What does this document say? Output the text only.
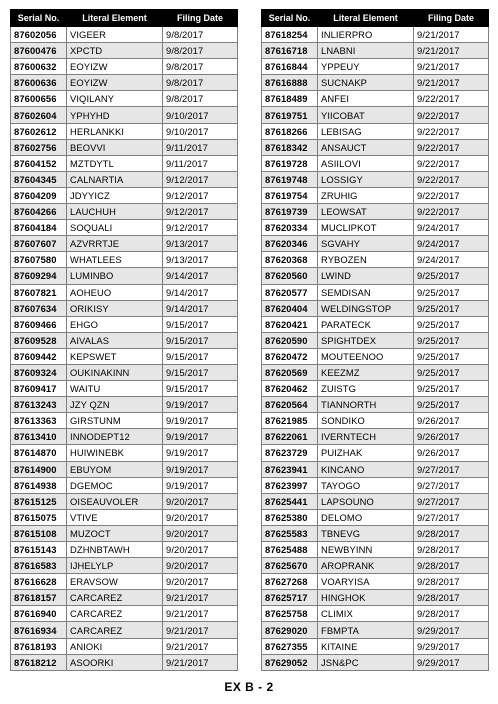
Serial No.	Literal Element	Filing Date
87602056	VIGEER	9/8/2017
87600476	XPCTD	9/8/2017
87600632	EOYIZW	9/8/2017
87600636	EOYIZW	9/8/2017
87600656	VIQILANY	9/8/2017
87602604	YPHYHD	9/10/2017
87602612	HERLANKKI	9/10/2017
87602756	BEOVVI	9/11/2017
87604152	MZTDYTL	9/11/2017
87604345	CALNARTIA	9/12/2017
87604209	JDYYICZ	9/12/2017
87604266	LAUCHUH	9/12/2017
87604184	SOQUALI	9/12/2017
87607607	AZVRRTJE	9/13/2017
87607580	WHATLEES	9/13/2017
87609294	LUMINBO	9/14/2017
87607821	AOHEUO	9/14/2017
87607634	ORIKISY	9/14/2017
87609466	EHGO	9/15/2017
87609528	AIVALAS	9/15/2017
87609442	KEPSWET	9/15/2017
87609324	OUKINAKINN	9/15/2017
87609417	WAITU	9/15/2017
87613243	JZY QZN	9/19/2017
87613363	GIRSTUNM	9/19/2017
87613410	INNODEPT12	9/19/2017
87614870	HUIWINEBK	9/19/2017
87614900	EBUYOM	9/19/2017
87614938	DGEMOC	9/19/2017
87615125	OISEAUVOLER	9/20/2017
87615075	VTIVE	9/20/2017
87615108	MUZOCT	9/20/2017
87615143	DZHNBTAWH	9/20/2017
87616583	IJHELYLP	9/20/2017
87616628	ERAVSOW	9/20/2017
87618157	CARCAREZ	9/21/2017
87616940	CARCAREZ	9/21/2017
87616934	CARCAREZ	9/21/2017
87618193	ANIOKI	9/21/2017
87618212	ASOORKI	9/21/2017
Serial No.	Literal Element	Filing Date
87618254	INLIERPRO	9/21/2017
87616718	LNABNI	9/21/2017
87616844	YPPEUY	9/21/2017
87616888	SUCNAKP	9/21/2017
87618489	ANFEI	9/22/2017
87619751	YIICOBAT	9/22/2017
87618266	LEBISAG	9/22/2017
87618342	ANSAUCT	9/22/2017
87619728	ASIILOVI	9/22/2017
87619748	LOSSIGY	9/22/2017
87619754	ZRUHIG	9/22/2017
87619739	LEOWSAT	9/22/2017
87620334	MUCLIPKOT	9/24/2017
87620346	SGVAHY	9/24/2017
87620368	RYBOZEN	9/24/2017
87620560	LWIND	9/25/2017
87620577	SEMDISAN	9/25/2017
87620404	WELDINGSTOP	9/25/2017
87620421	PARATECK	9/25/2017
87620590	SPIGHTDEX	9/25/2017
87620472	MOUTEENOO	9/25/2017
87620569	KEEZMZ	9/25/2017
87620462	ZUISTG	9/25/2017
87620564	TIANNORTH	9/25/2017
87621985	SONDIKO	9/26/2017
87622061	IVERNTECH	9/26/2017
87623729	PUIZHAK	9/26/2017
87623941	KINCANO	9/27/2017
87623997	TAYOGO	9/27/2017
87625441	LAPSOUNO	9/27/2017
87625380	DELOMO	9/27/2017
87625583	TBNEVG	9/28/2017
87625488	NEWBYINN	9/28/2017
87625670	AROPRANK	9/28/2017
87627268	VOARYISA	9/28/2017
87625717	HINGHOK	9/28/2017
87625758	CLIMIX	9/28/2017
87629020	FBMPTA	9/29/2017
87627355	KITAINE	9/29/2017
87629052	JSN&PC	9/29/2017
EX B - 2
